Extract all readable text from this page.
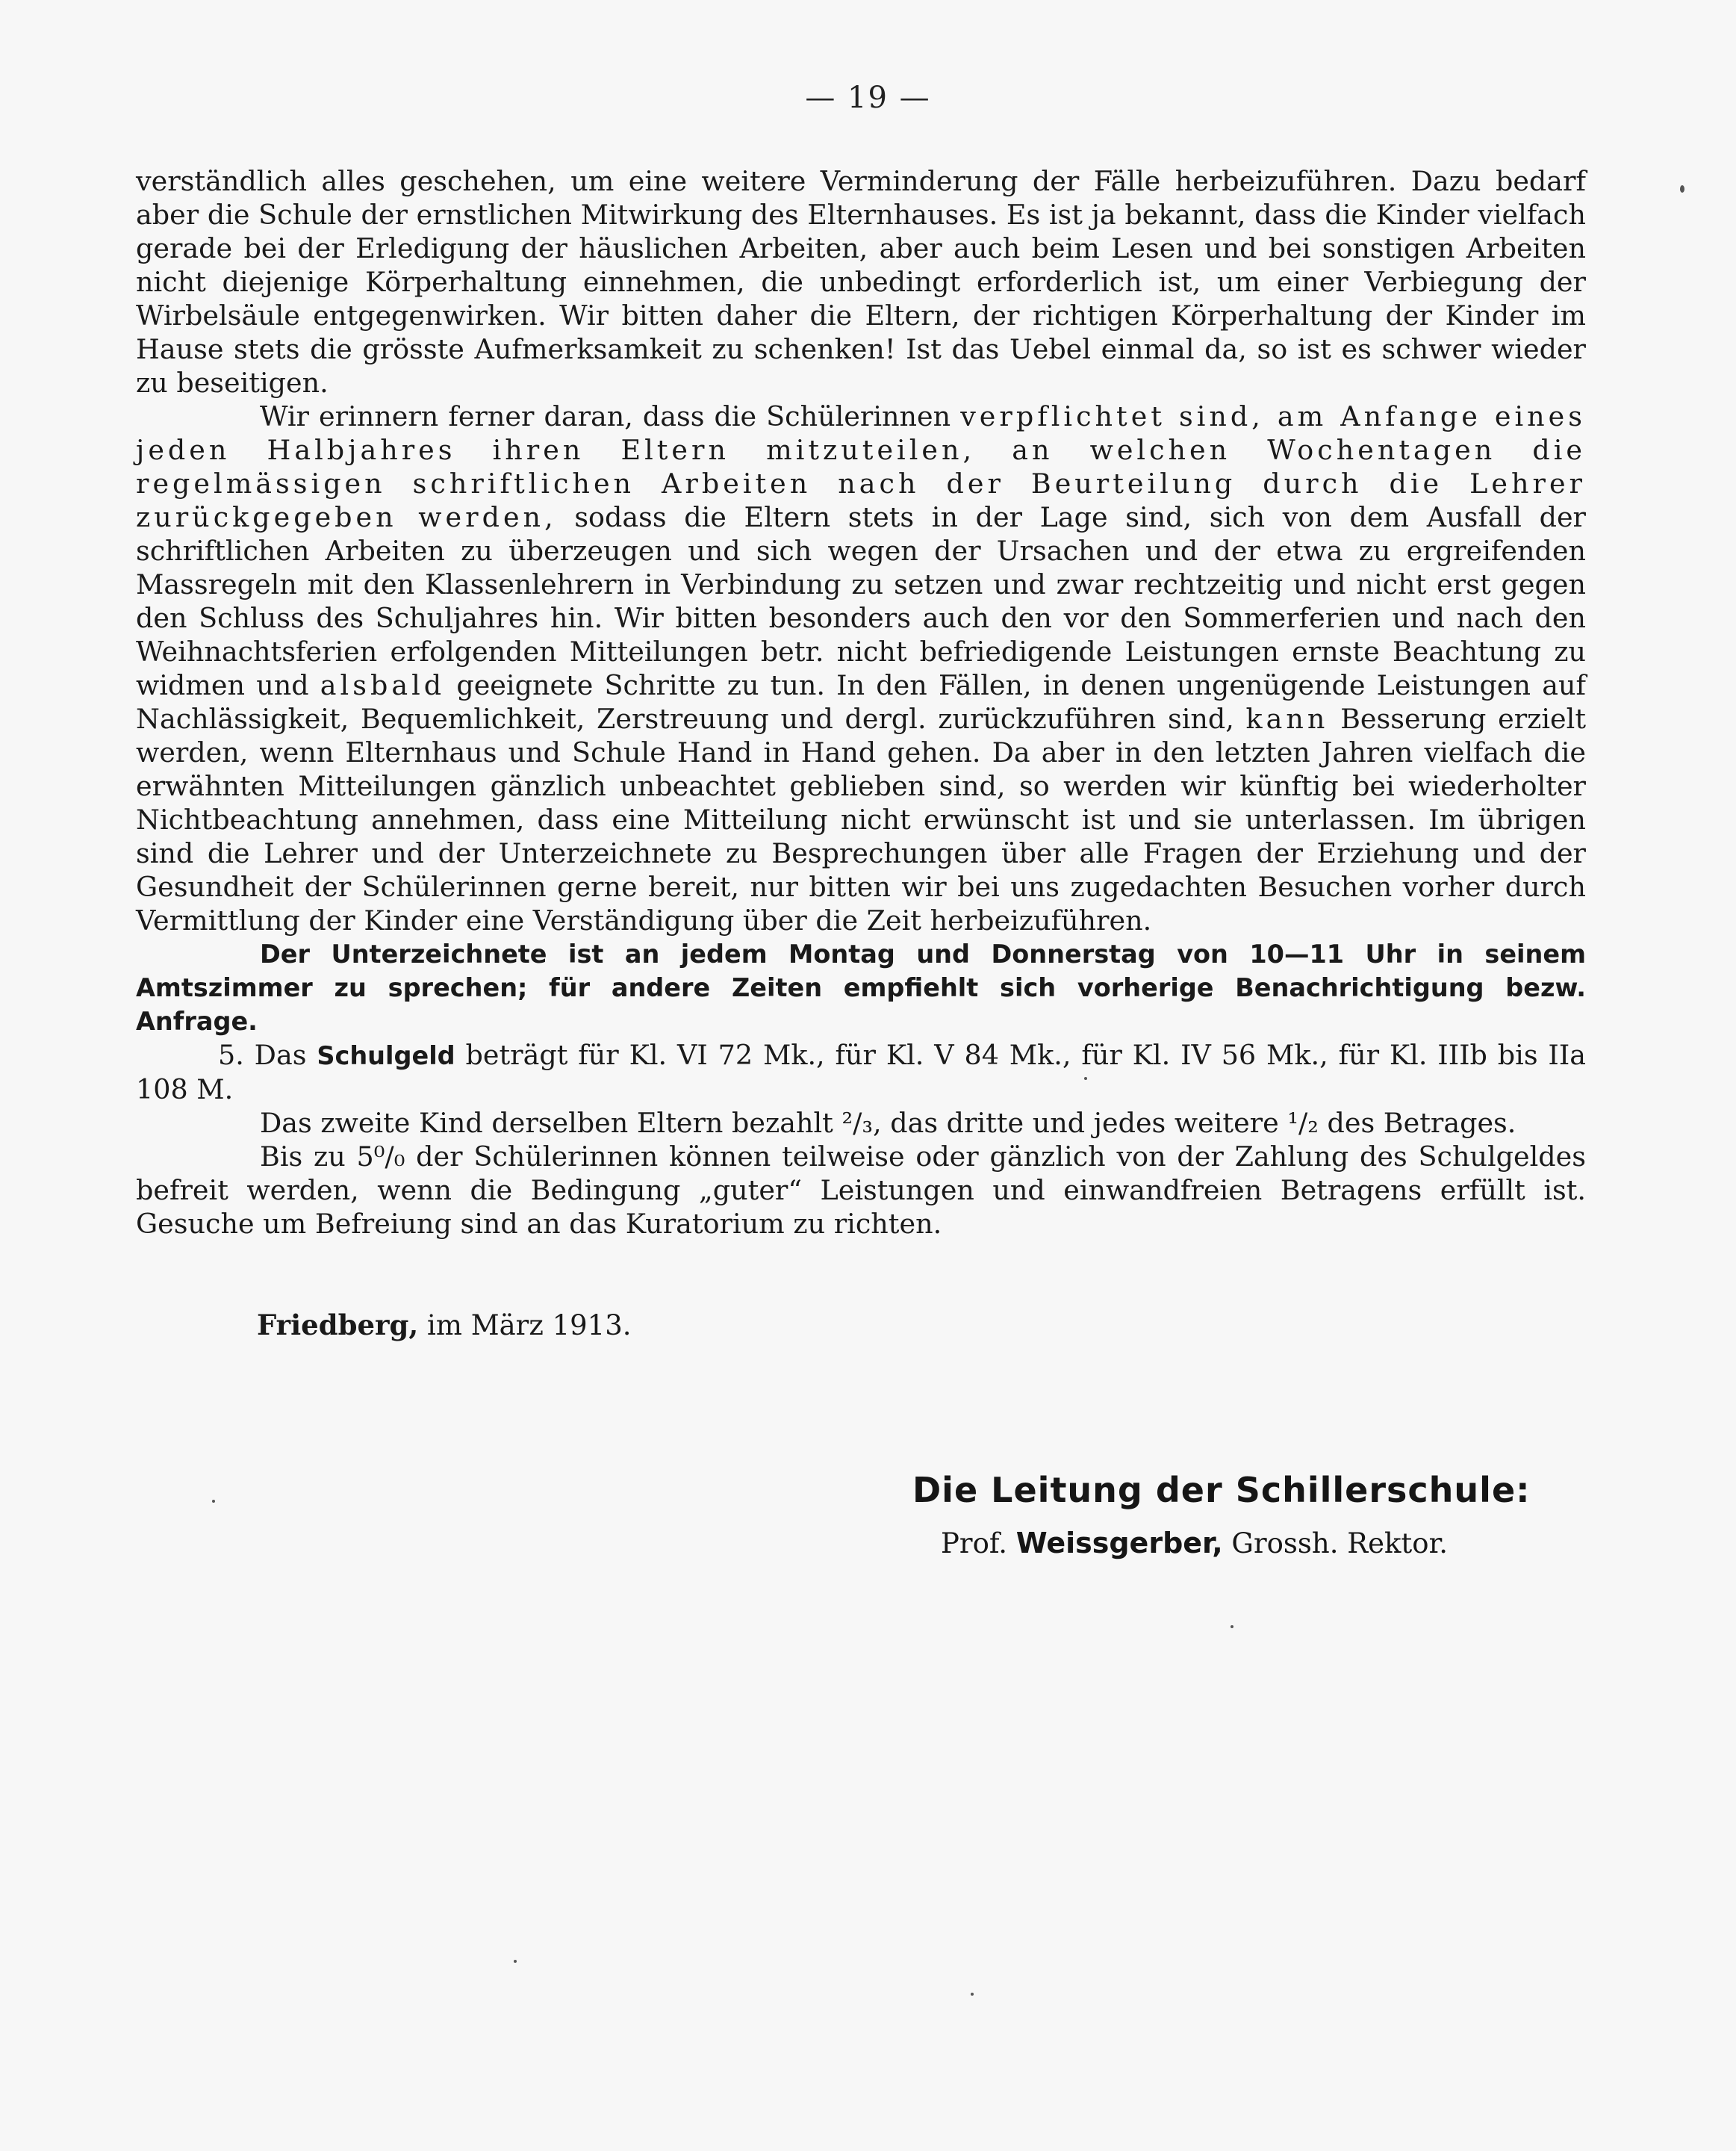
— 19 —

verständlich alles geschehen, um eine weitere Verminderung der Fälle herbeizuführen. Dazu bedarf aber die Schule der ernstlichen Mitwirkung des Elternhauses. Es ist ja bekannt, dass die Kinder vielfach gerade bei der Erledigung der häuslichen Arbeiten, aber auch beim Lesen und bei sonstigen Arbeiten nicht diejenige Körperhaltung einnehmen, die unbedingt erforderlich ist, um einer Verbiegung der Wirbelsäule entgegenwirken. Wir bitten daher die Eltern, der richtigen Körperhaltung der Kinder im Hause stets die grösste Aufmerksamkeit zu schenken! Ist das Uebel einmal da, so ist es schwer wieder zu beseitigen.

Wir erinnern ferner daran, dass die Schülerinnen verpflichtet sind, am Anfange eines jeden Halbjahres ihren Eltern mitzuteilen, an welchen Wochentagen die regelmässigen schriftlichen Arbeiten nach der Beurteilung durch die Lehrer zurückgegeben werden, sodass die Eltern stets in der Lage sind, sich von dem Ausfall der schriftlichen Arbeiten zu überzeugen und sich wegen der Ursachen und der etwa zu ergreifenden Massregeln mit den Klassenlehrern in Verbindung zu setzen und zwar rechtzeitig und nicht erst gegen den Schluss des Schuljahres hin. Wir bitten besonders auch den vor den Sommerferien und nach den Weihnachtsferien erfolgenden Mitteilungen betr. nicht befriedigende Leistungen ernste Beachtung zu widmen und alsbald geeignete Schritte zu tun. In den Fällen, in denen ungenügende Leistungen auf Nachlässigkeit, Bequemlichkeit, Zerstreuung und dergl. zurückzuführen sind, kann Besserung erzielt werden, wenn Elternhaus und Schule Hand in Hand gehen. Da aber in den letzten Jahren vielfach die erwähnten Mitteilungen gänzlich unbeachtet geblieben sind, so werden wir künftig bei wiederholter Nichtbeachtung annehmen, dass eine Mitteilung nicht erwünscht ist und sie unterlassen. Im übrigen sind die Lehrer und der Unterzeichnete zu Besprechungen über alle Fragen der Erziehung und der Gesundheit der Schülerinnen gerne bereit, nur bitten wir bei uns zugedachten Besuchen vorher durch Vermittlung der Kinder eine Verständigung über die Zeit herbeizuführen.

Der Unterzeichnete ist an jedem Montag und Donnerstag von 10—11 Uhr in seinem Amtszimmer zu sprechen; für andere Zeiten empfiehlt sich vorherige Benachrichtigung bezw. Anfrage.

5. Das Schulgeld beträgt für Kl. VI 72 Mk., für Kl. V 84 Mk., für Kl. IV 56 Mk., für Kl. IIIb bis IIa 108 M.

Das zweite Kind derselben Eltern bezahlt ²/₃, das dritte und jedes weitere ¹/₂ des Betrages.

Bis zu 5⁰/₀ der Schülerinnen können teilweise oder gänzlich von der Zahlung des Schulgeldes befreit werden, wenn die Bedingung „guter“ Leistungen und einwandfreien Betragens erfüllt ist. Gesuche um Befreiung sind an das Kuratorium zu richten.

Friedberg, im März 1913.
Die Leitung der Schillerschule:
Prof. Weissgerber, Grossh. Rektor.
